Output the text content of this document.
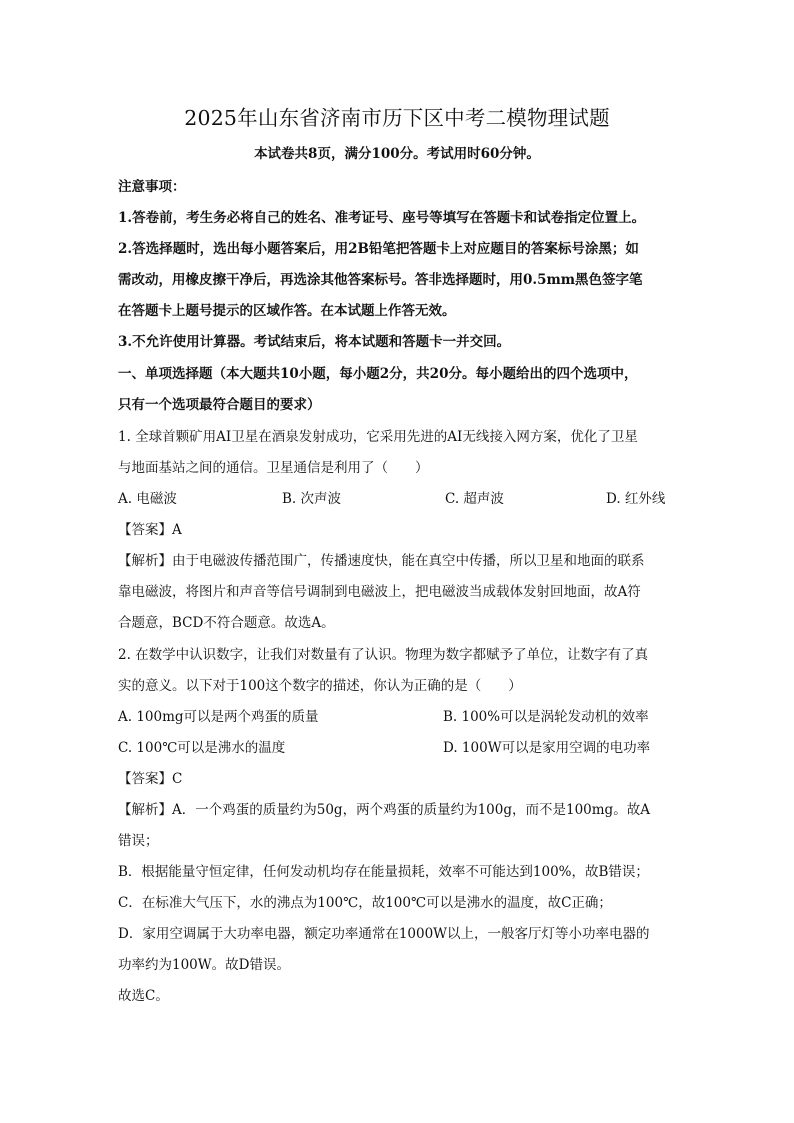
2025年山东省济南市历下区中考二模物理试题
本试卷共8页，满分100分。考试用时60分钟。
注意事项：
1.答卷前，考生务必将自己的姓名、准考证号、座号等填写在答题卡和试卷指定位置上。
2.答选择题时，选出每小题答案后，用2B铅笔把答题卡上对应题目的答案标号涂黑；如
需改动，用橡皮擦干净后，再选涂其他答案标号。答非选择题时，用0.5mm黑色签字笔
在答题卡上题号提示的区域作答。在本试题上作答无效。
3.不允许使用计算器。考试结束后，将本试题和答题卡一并交回。
一、单项选择题（本大题共10小题，每小题2分，共20分。每小题给出的四个选项中，
只有一个选项最符合题目的要求）
1. 全球首颗矿用AI卫星在酒泉发射成功，它采用先进的AI无线接入网方案，优化了卫星
与地面基站之间的通信。卫星通信是利用了（　　）
A. 电磁波	B. 次声波	C. 超声波	D. 红外线
【答案】A
【解析】由于电磁波传播范围广，传播速度快，能在真空中传播，所以卫星和地面的联系
靠电磁波，将图片和声音等信号调制到电磁波上，把电磁波当成载体发射回地面，故A符
合题意，BCD不符合题意。故选A。
2. 在数学中认识数字，让我们对数量有了认识。物理为数字都赋予了单位，让数字有了真
实的意义。以下对于100这个数字的描述，你认为正确的是（　　）
A. 100mg可以是两个鸡蛋的质量	B. 100%可以是涡轮发动机的效率
C. 100℃可以是沸水的温度	D. 100W可以是家用空调的电功率
【答案】C
【解析】A．一个鸡蛋的质量约为50g，两个鸡蛋的质量约为100g，而不是100mg。故A
错误；
B．根据能量守恒定律，任何发动机均存在能量损耗，效率不可能达到100%，故B错误；
C．在标准大气压下，水的沸点为100℃，故100℃可以是沸水的温度，故C正确；
D．家用空调属于大功率电器，额定功率通常在1000W以上，一般客厅灯等小功率电器的
功率约为100W。故D错误。
故选C。
